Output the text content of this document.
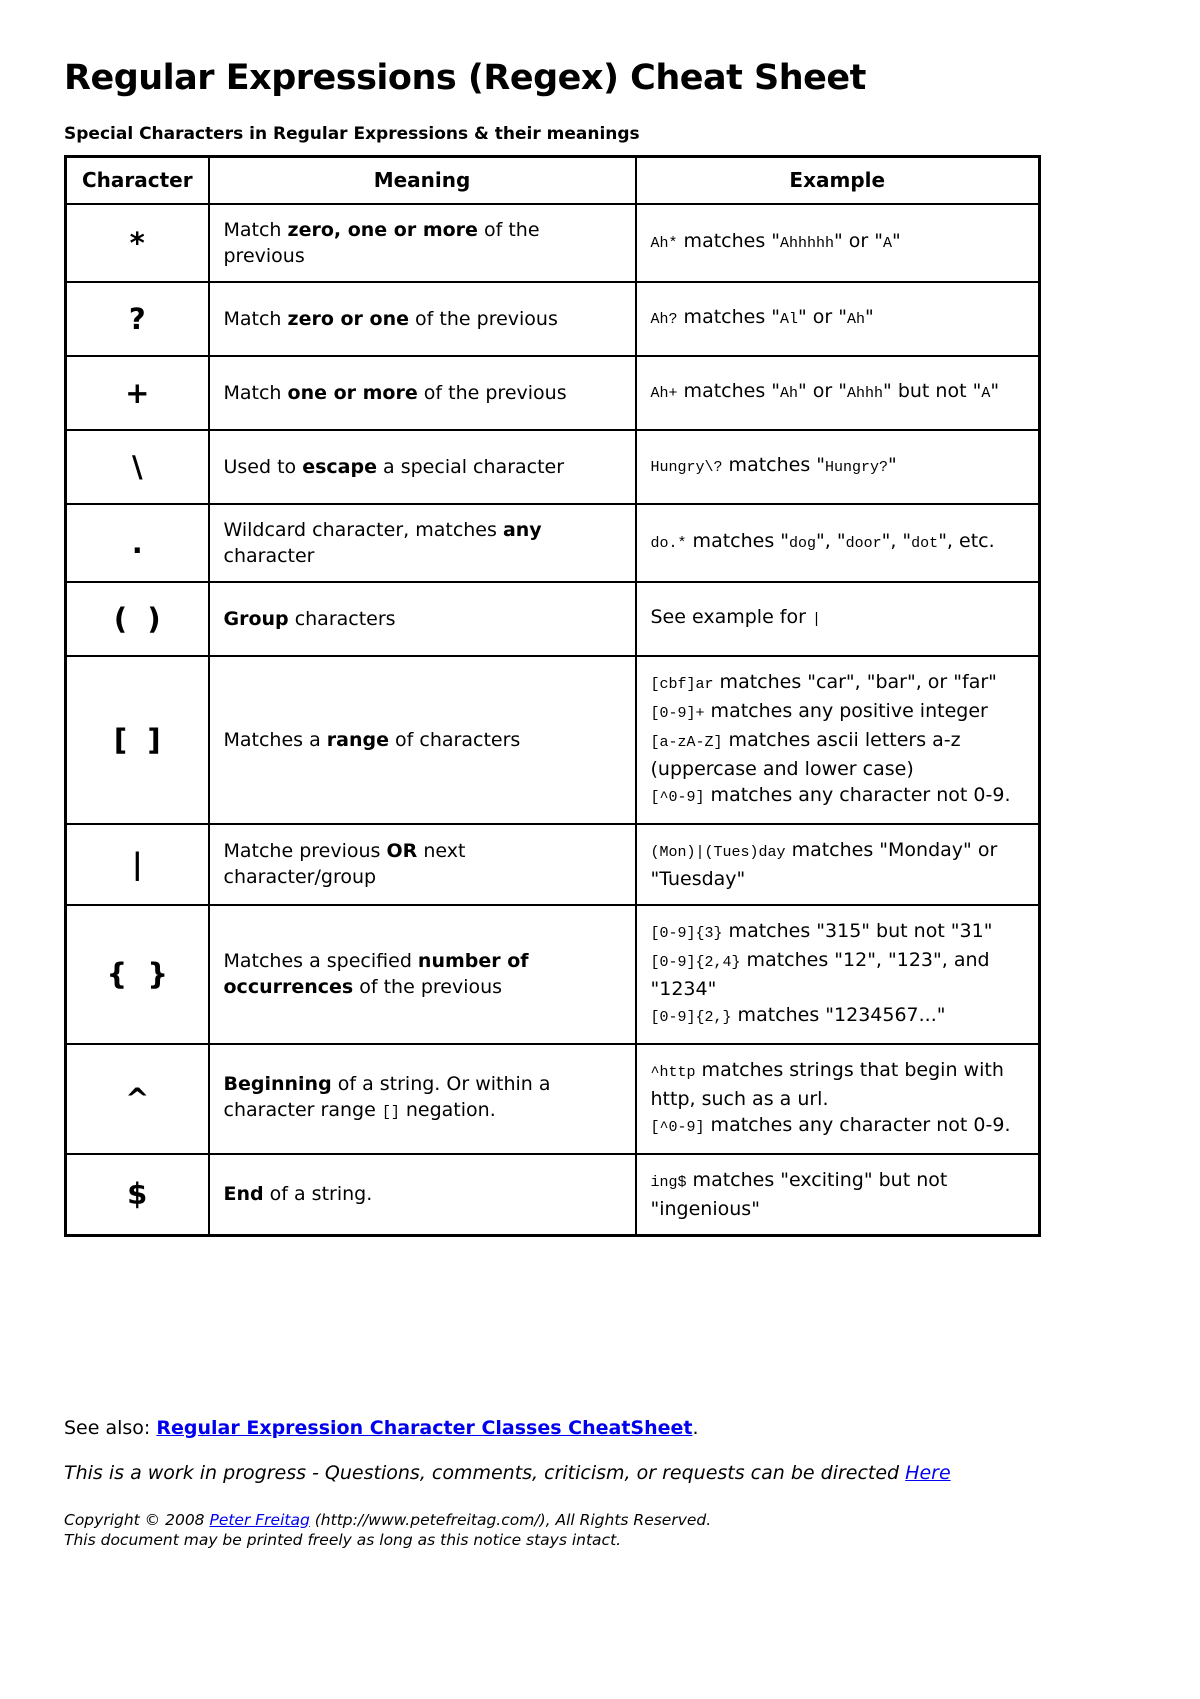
Regular Expressions (Regex) Cheat Sheet
Special Characters in Regular Expressions & their meanings
Character	Meaning	Example
*	Match zero, one or more of the previous	Ah* matches "Ahhhhh" or "A"
?	Match zero or one of the previous	Ah? matches "Al" or "Ah"
+	Match one or more of the previous	Ah+ matches "Ah" or "Ahhh" but not "A"
\	Used to escape a special character	Hungry\? matches "Hungry?"
.	Wildcard character, matches any character	do.* matches "dog", "door", "dot", etc.
(  )	Group characters	See example for |
[  ]	Matches a range of characters	[cbf]ar matches "car", "bar", or "far"
[0-9]+ matches any positive integer
[a-zA-Z] matches ascii letters a-z (uppercase and lower case)
[^0-9] matches any character not 0-9.
|	Matche previous OR next character/group	(Mon)|(Tues)day matches "Monday" or "Tuesday"
{  }	Matches a specified number of occurrences of the previous	[0-9]{3} matches "315" but not "31"
[0-9]{2,4} matches "12", "123", and "1234"
[0-9]{2,} matches "1234567..."
^	Beginning of a string. Or within a character range [] negation.	^http matches strings that begin with http, such as a url.
[^0-9] matches any character not 0-9.
$	End of a string.	ing$ matches "exciting" but not "ingenious"

See also: Regular Expression Character Classes CheatSheet.

This is a work in progress - Questions, comments, criticism, or requests can be directed Here

Copyright © 2008 Peter Freitag (http://www.petefreitag.com/), All Rights Reserved.
This document may be printed freely as long as this notice stays intact.
